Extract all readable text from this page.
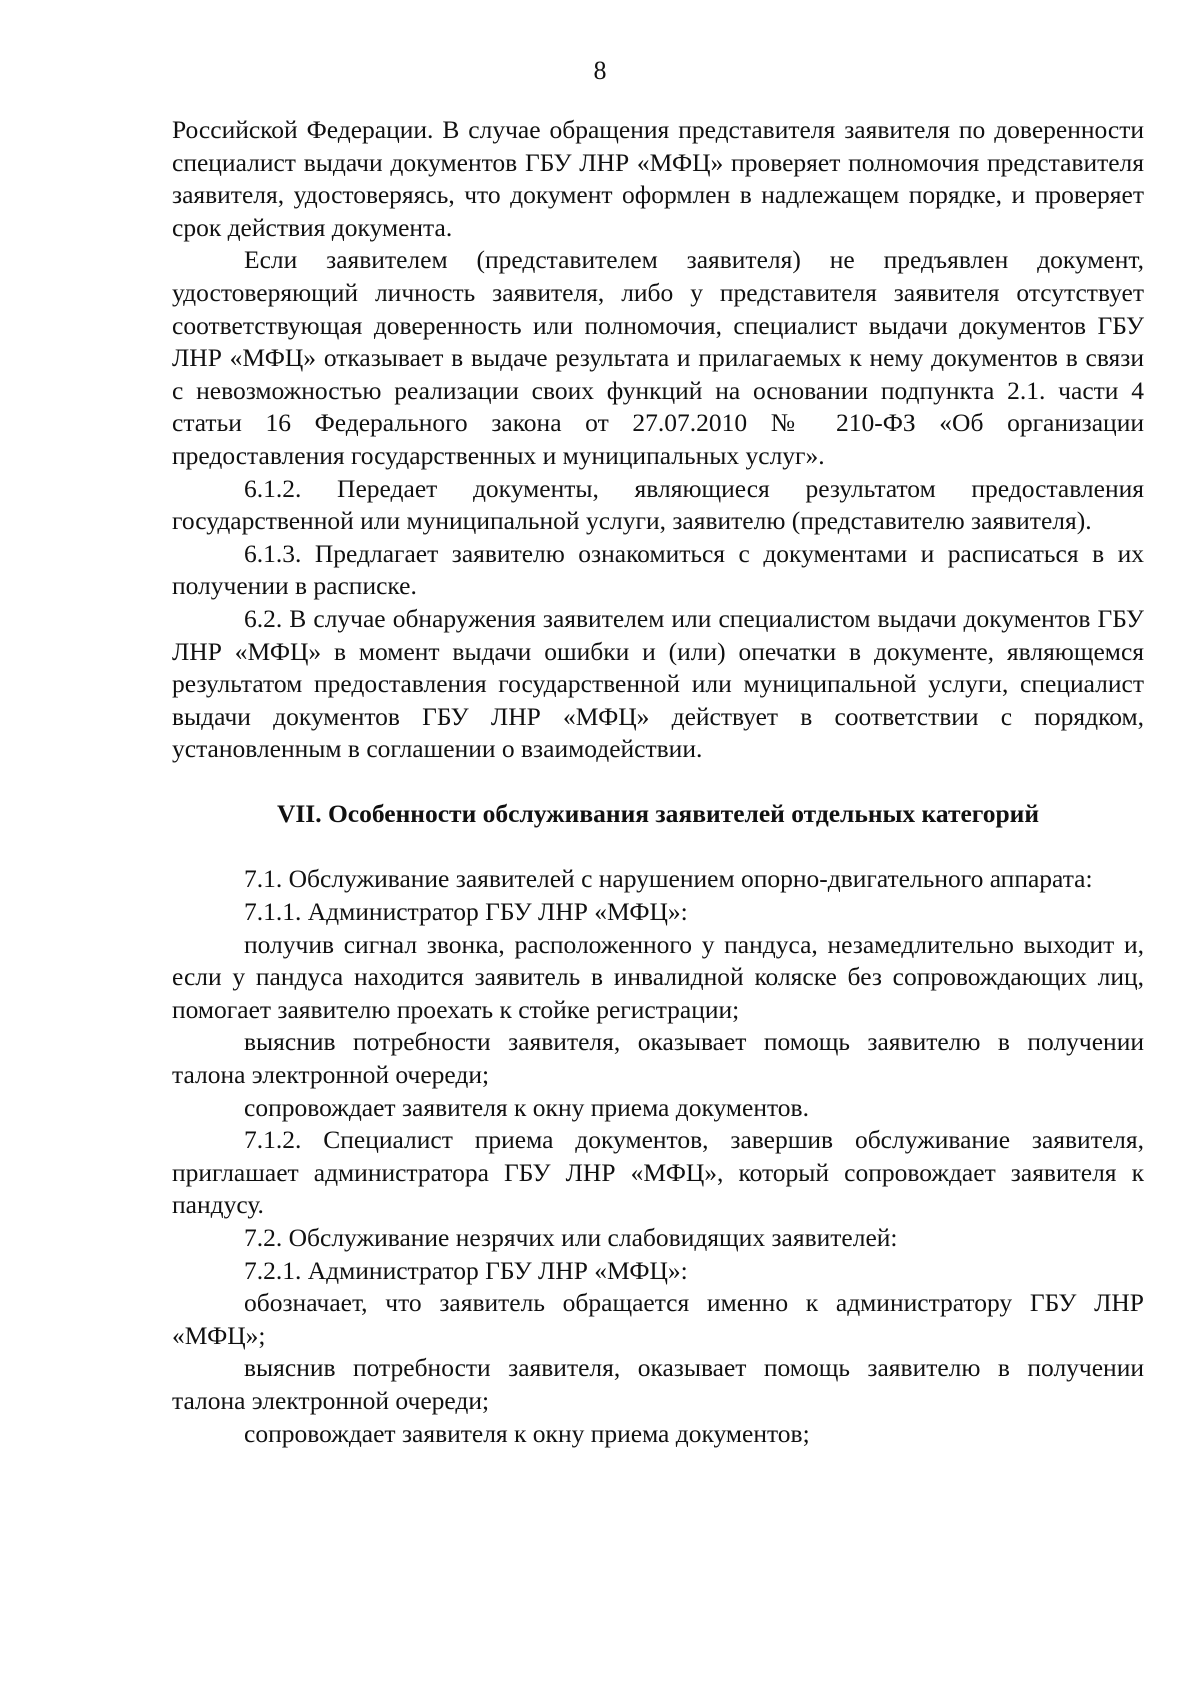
8

Российской Федерации. В случае обращения представителя заявителя по доверенности специалист выдачи документов ГБУ ЛНР «МФЦ» проверяет полномочия представителя заявителя, удостоверяясь, что документ оформлен в надлежащем порядке, и проверяет срок действия документа.

Если заявителем (представителем заявителя) не предъявлен документ, удостоверяющий личность заявителя, либо у представителя заявителя отсутствует соответствующая доверенность или полномочия, специалист выдачи документов ГБУ ЛНР «МФЦ» отказывает в выдаче результата и прилагаемых к нему документов в связи с невозможностью реализации своих функций на основании подпункта 2.1. части 4 статьи 16 Федерального закона от 27.07.2010 № 210-ФЗ «Об организации предоставления государственных и муниципальных услуг».

6.1.2. Передает документы, являющиеся результатом предоставления государственной или муниципальной услуги, заявителю (представителю заявителя).

6.1.3. Предлагает заявителю ознакомиться с документами и расписаться в их получении в расписке.

6.2. В случае обнаружения заявителем или специалистом выдачи документов ГБУ ЛНР «МФЦ» в момент выдачи ошибки и (или) опечатки в документе, являющемся результатом предоставления государственной или муниципальной услуги, специалист выдачи документов ГБУ ЛНР «МФЦ» действует в соответствии с порядком, установленным в соглашении о взаимодействии.

VII. Особенности обслуживания заявителей отдельных категорий

7.1. Обслуживание заявителей с нарушением опорно-двигательного аппарата:

7.1.1. Администратор ГБУ ЛНР «МФЦ»:

получив сигнал звонка, расположенного у пандуса, незамедлительно выходит и, если у пандуса находится заявитель в инвалидной коляске без сопровождающих лиц, помогает заявителю проехать к стойке регистрации;

выяснив потребности заявителя, оказывает помощь заявителю в получении талона электронной очереди;

сопровождает заявителя к окну приема документов.

7.1.2. Специалист приема документов, завершив обслуживание заявителя, приглашает администратора ГБУ ЛНР «МФЦ», который сопровождает заявителя к пандусу.

7.2. Обслуживание незрячих или слабовидящих заявителей:

7.2.1. Администратор ГБУ ЛНР «МФЦ»:

обозначает, что заявитель обращается именно к администратору ГБУ ЛНР «МФЦ»;

выяснив потребности заявителя, оказывает помощь заявителю в получении талона электронной очереди;

сопровождает заявителя к окну приема документов;
